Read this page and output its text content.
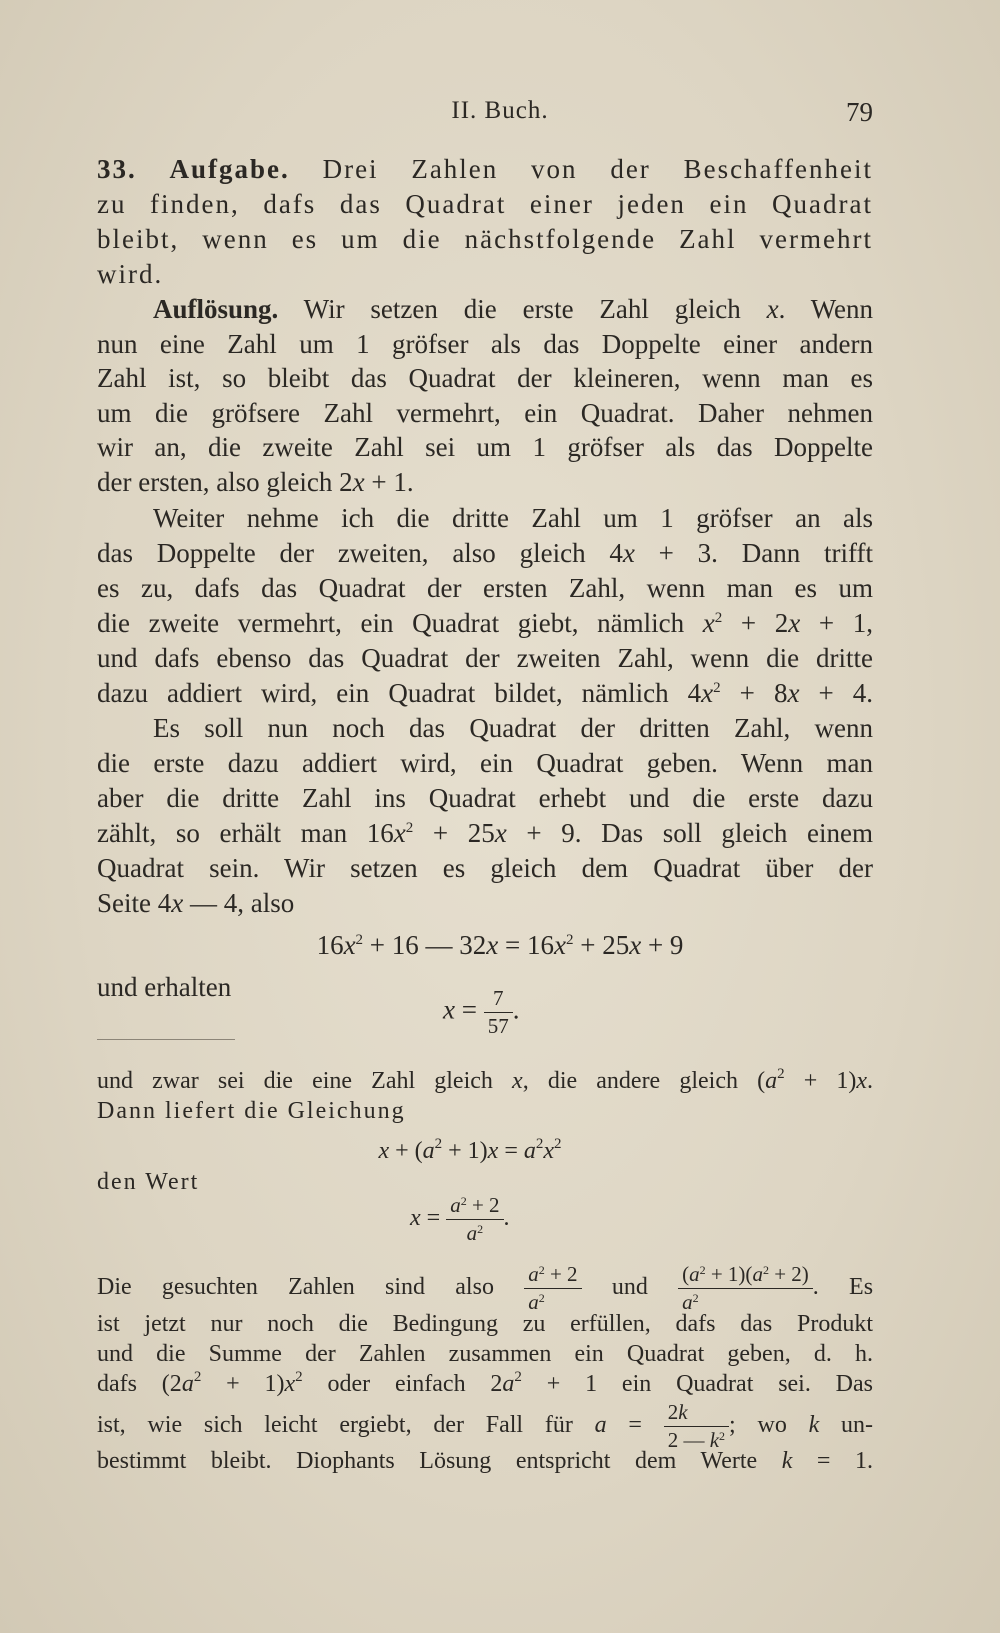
II. Buch.	79
33. Aufgabe. Drei Zahlen von der Beschaffenheit
zu finden, dafs das Quadrat einer jeden ein Quadrat
bleibt, wenn es um die nächstfolgende Zahl vermehrt
wird.
Auflösung. Wir setzen die erste Zahl gleich x. Wenn
nun eine Zahl um 1 gröfser als das Doppelte einer andern
Zahl ist, so bleibt das Quadrat der kleineren, wenn man es
um die gröfsere Zahl vermehrt, ein Quadrat. Daher nehmen
wir an, die zweite Zahl sei um 1 gröfser als das Doppelte
der ersten, also gleich 2x + 1.
Weiter nehme ich die dritte Zahl um 1 gröfser an als
das Doppelte der zweiten, also gleich 4x + 3. Dann trifft
es zu, dafs das Quadrat der ersten Zahl, wenn man es um
die zweite vermehrt, ein Quadrat giebt, nämlich $x^2 + 2x + 1$,
und dafs ebenso das Quadrat der zweiten Zahl, wenn die dritte
dazu addiert wird, ein Quadrat bildet, nämlich $4x^2 + 8x + 4$.
Es soll nun noch das Quadrat der dritten Zahl, wenn
die erste dazu addiert wird, ein Quadrat geben. Wenn man
aber die dritte Zahl ins Quadrat erhebt und die erste dazu
zählt, so erhält man $16x^2 + 25x + 9$. Das soll gleich einem
Quadrat sein. Wir setzen es gleich dem Quadrat über der
Seite 4x — 4, also
$16x^2 + 16$ — $32x = 16x^2 + 25x + 9$
und erhalten
$x = \frac{7}{57}$ .
und zwar sei die eine Zahl gleich x, die andere gleich $(a^2 + 1)x$.
Dann liefert die Gleichung
$x + (a^2 + 1)x = a^2x^2$
den Wert
$x = \frac{a^2 + 2}{a^2}$ .
Die gesuchten Zahlen sind also $\frac{a^2 + 2}{a^2}$ und $\frac{(a^2 + 1)(a^2 + 2)}{a^2}$ . Es
ist jetzt nur noch die Bedingung zu erfüllen, dafs das Produkt
und die Summe der Zahlen zusammen ein Quadrat geben, d. h.
dafs $(2a^2 + 1)x^2$ oder einfach $2a^2 + 1$ ein Quadrat sei. Das
ist, wie sich leicht ergiebt, der Fall für $a = \frac{2k}{2 — k^2}$ ; wo k un-
bestimmt bleibt. Diophants Lösung entspricht dem Werte k = 1.
